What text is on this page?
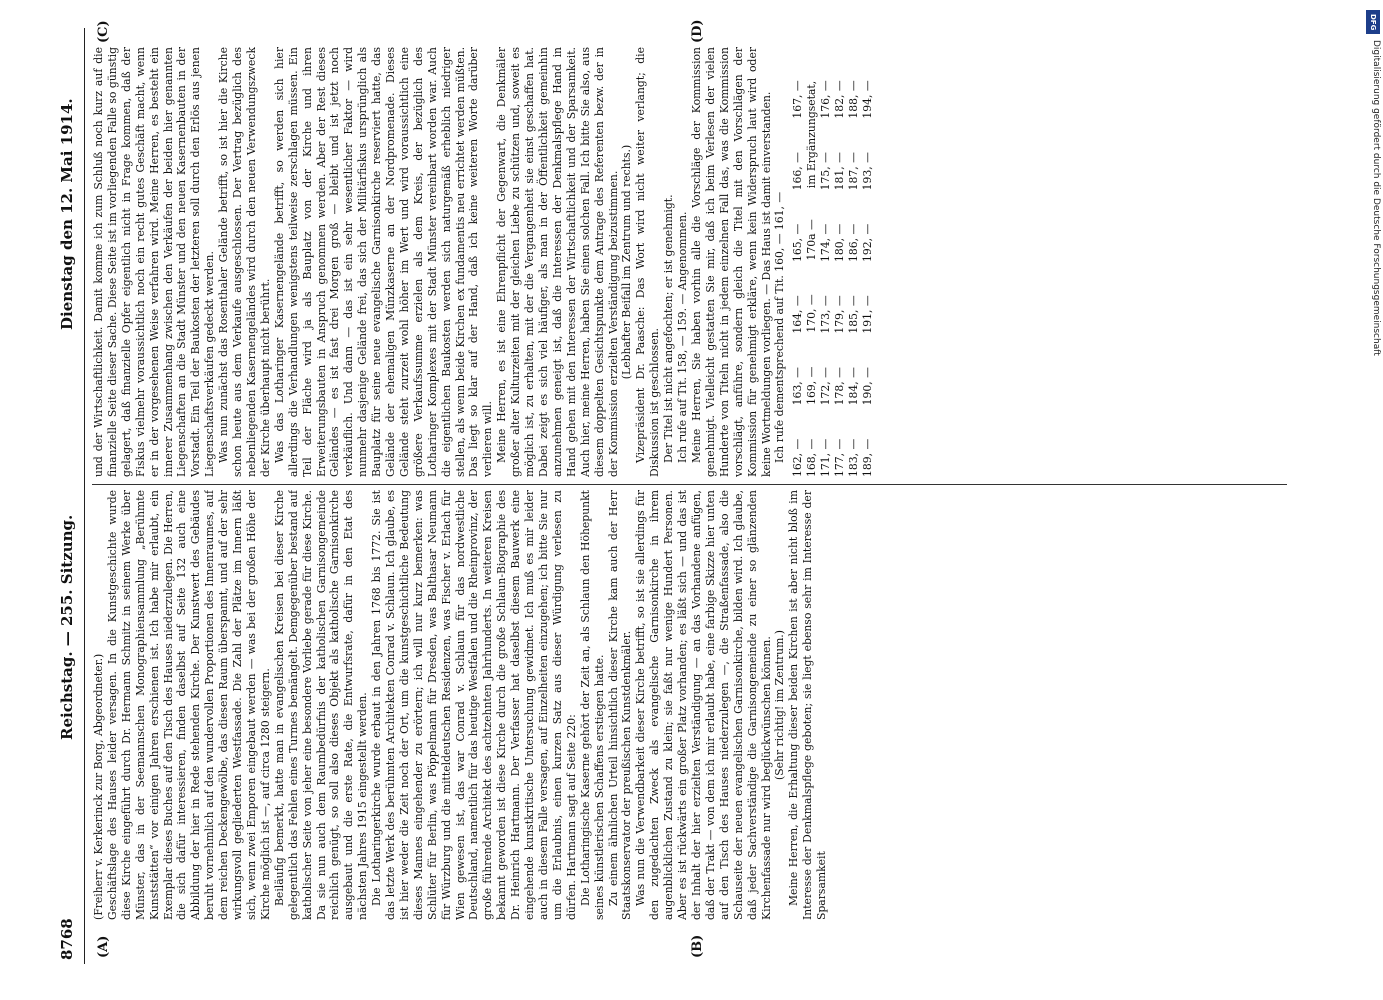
DFG
Digitalisierung gefördert durch die Deutsche Forschungsgemeinschaft
8768
Reichstag. — 255. Sitzung.
Dienstag den 12. Mai 1914.
(A)	(B)
(C)	(D)

(Freiherr v. Kerkerinck zur Borg, Abgeordneter.) Geschäftslage des Hauses leider versagen. In die Kunstgeschichte wurde diese Kirche eingeführt durch Dr. Hermann Schmitz in seinem Werke über Münster, das in der Seemannschen Monographiensammlung „Berühmte Kunststätten“ vor einigen Jahren erschienen ist. Ich habe mir erlaubt, ein Exemplar dieses Buches auf den Tisch des Hauses niederzulegen. Die Herren, die sich dafür interessieren, finden daselbst auf Seite 132 auch eine Abbildung der hier in Rede stehenden Kirche. Der Kunstwert des Gebäudes beruht vornehmlich auf den wundervollen Proportionen des Innenraumes, auf dem reichen Deckengewölbe, das diesen Raum überspannt, und auf der sehr wirkungsvoll gegliederten Westfassade. Die Zahl der Plätze im Innern läßt sich, wenn zwei Emporen eingebaut werden — was bei der großen Höhe der Kirche möglich ist —, auf circa 1280 steigern. Beiläufig bemerkt, hatte man in evangelischen Kreisen bei dieser Kirche gelegentlich das Fehlen eines Turmes bemängelt. Demgegenüber bestand auf katholischer Seite von jeher eine besondere Vorliebe gerade für diese Kirche. Da sie nun auch dem Raumbedürfnis der katholischen Garnisongemeinde reichlich genügt, so soll also dieses Objekt als katholische Garnisonkirche ausgebaut und die erste Rate, die Entwurfsrate, dafür in den Etat des nächsten Jahres 1915 eingestellt werden. Die Lotharingerkirche wurde erbaut in den Jahren 1768 bis 1772. Sie ist das letzte Werk des berühmten Architekten Conrad v. Schlaun. Ich glaube, es ist hier weder die Zeit noch der Ort, um die kunstgeschichtliche Bedeutung dieses Mannes eingehender zu erörtern; ich will nur kurz bemerken: was Schlüter für Berlin, was Pöppelmann für Dresden, was Balthasar Neumann für Würzburg und die mitteldeutschen Residenzen, was Fischer v. Erlach für Wien gewesen ist, das war Conrad v. Schlaun für das nordwestliche Deutschland, namentlich für das heutige Westfalen und die Rheinprovinz, der große führende Architekt des achtzehnten Jahrhunderts. In weiteren Kreisen bekannt geworden ist diese Kirche durch die große Schlaun-Biographie des Dr. Heinrich Hartmann. Der Verfasser hat daselbst diesem Bauwerk eine eingehende kunstkritische Untersuchung gewidmet. Ich muß es mir leider auch in diesem Falle versagen, auf Einzelheiten einzugehen; ich bitte Sie nur um die Erlaubnis, einen kurzen Satz aus dieser Würdigung verlesen zu dürfen. Hartmann sagt auf Seite 220: Die Lotharingische Kaserne gehört der Zeit an, als Schlaun den Höhepunkt seines künstlerischen Schaffens erstiegen hatte. Zu einem ähnlichen Urteil hinsichtlich dieser Kirche kam auch der Herr Staatskonservator der preußischen Kunstdenkmäler. Was nun die Verwendbarkeit dieser Kirche betrifft, so ist sie allerdings für den zugedachten Zweck als evangelische Garnisonkirche in ihrem augenblicklichen Zustand zu klein; sie faßt nur wenige Hundert Personen. Aber es ist rückwärts ein großer Platz vorhanden; es läßt sich — und das ist der Inhalt der hier erzielten Verständigung — an das Vorhandene anfügen, daß der Trakt — von dem ich mir erlaubt habe, eine farbige Skizze hier unten auf den Tisch des Hauses niederzulegen —, die Straßenfassade, also die Schauseite der neuen evangelischen Garnisonkirche, bilden wird. Ich glaube, daß jeder Sachverständige die Garnisongemeinde zu einer so glänzenden Kirchenfassade nur wird beglückwünschen können. (Sehr richtig! im Zentrum.) Meine Herren, die Erhaltung dieser beiden Kirchen ist aber nicht bloß im Interesse der Denkmalspflege geboten; sie liegt ebenso sehr im Interesse der Sparsamkeit

und der Wirtschaftlichkeit. Damit komme ich zum Schluß noch kurz auf die finanzielle Seite dieser Sache. Diese Seite ist im vorliegenden Falle so günstig gelagert, daß finanzielle Opfer eigentlich nicht in Frage kommen, daß der Fiskus vielmehr voraussichtlich noch ein recht gutes Geschäft macht, wenn er in der vorgesehenen Weise verfahren wird. Meine Herren, es besteht ein innerer Zusammenhang zwischen den Verkäufen der beiden hier genannten Liegenschaften an die Stadt Münster und den neuen Kasernenbauten in der Vorstadt. Ein Teil der Baukosten der letzteren soll durch den Erlös aus jenen Liegenschaftsverkäufen gedeckt werden. Was nun zunächst das Rosenthaler Gelände betrifft, so ist hier die Kirche schon heute aus dem Verkaufe ausgeschlossen. Der Vertrag bezüglich des nebenliegenden Kasernengeländes wird durch den neuen Verwendungszweck der Kirche überhaupt nicht berührt. Was das Lotharinger Kasernengelände betrifft, so werden sich hier allerdings die Verhandlungen wenigstens teilweise zerschlagen müssen. Ein Teil der Fläche wird ja als Bauplatz von der Kirche und ihren Erweiterungsbauten in Anspruch genommen werden. Aber der Rest dieses Geländes — es ist fast drei Morgen groß — bleibt und ist jetzt noch verkäuflich. Und dann — das ist ein sehr wesentlicher Faktor — wird nunmehr dasjenige Gelände frei, das sich der Militärfiskus ursprünglich als Bauplatz für seine neue evangelische Garnisonkirche reserviert hatte, das Gelände der ehemaligen Münzkaserne an der Nordpromenade. Dieses Gelände steht zurzeit wohl höher im Wert und wird voraussichtlich eine größere Verkaufssumme erzielen als dem Kreis, der bezüglich des Lotharinger Komplexes mit der Stadt Münster vereinbart worden war. Auch die eigentlichen Baukosten werden sich naturgemäß erheblich niedriger stellen, als wenn beide Kirchen ex fundamentis neu errichtet werden müßten. Das liegt so klar auf der Hand, daß ich keine weiteren Worte darüber verlieren will. Meine Herren, es ist eine Ehrenpflicht der Gegenwart, die Denkmäler großer alter Kulturzeiten mit der gleichen Liebe zu schützen und, soweit es möglich ist, zu erhalten, mit der die Vergangenheit sie einst geschaffen hat. Dabei zeigt es sich viel häufiger, als man in der Öffentlichkeit gemeinhin anzunehmen geneigt ist, daß die Interessen der Denkmalspflege Hand in Hand gehen mit den Interessen der Wirtschaftlichkeit und der Sparsamkeit. Auch hier, meine Herren, haben Sie einen solchen Fall. Ich bitte Sie also, aus diesem doppelten Gesichtspunkte dem Antrage des Referenten bezw. der in der Kommission erzielten Verständigung beizustimmen. (Lebhafter Beifall im Zentrum und rechts.) Vizepräsident Dr. Paasche: Das Wort wird nicht weiter verlangt; die Diskussion ist geschlossen. Der Titel ist nicht angefochten; er ist genehmigt. Ich rufe auf Tit. 158, — 159. — Angenommen. Meine Herren, Sie haben vorhin alle die Vorschläge der Kommission genehmigt. Vielleicht gestatten Sie mir, daß ich beim Verlesen der vielen Hunderte von Titeln nicht in jedem einzelnen Fall das, was die Kommission vorschlägt, anführe, sondern gleich die Titel mit den Vorschlägen der Kommission für genehmigt erkläre, wenn kein Widerspruch laut wird oder keine Wortmeldungen vorliegen. — Das Haus ist damit einverstanden. Ich rufe dementsprechend auf Tit. 160, — 161, — 162, —
163, —
164, —
165, —
166, —
167, —
168, —
169, —
170, —
170a —
im Ergänzungsetat,
171, —
172, —
173, —
174, —
175, —
176, —
177, —
178, —
179, —
180, —
181, —
182, —
183, —
184, —
185, —
186, —
187, —
188, —
189, —
190, —
191, —
192, —
193, —
194, —
